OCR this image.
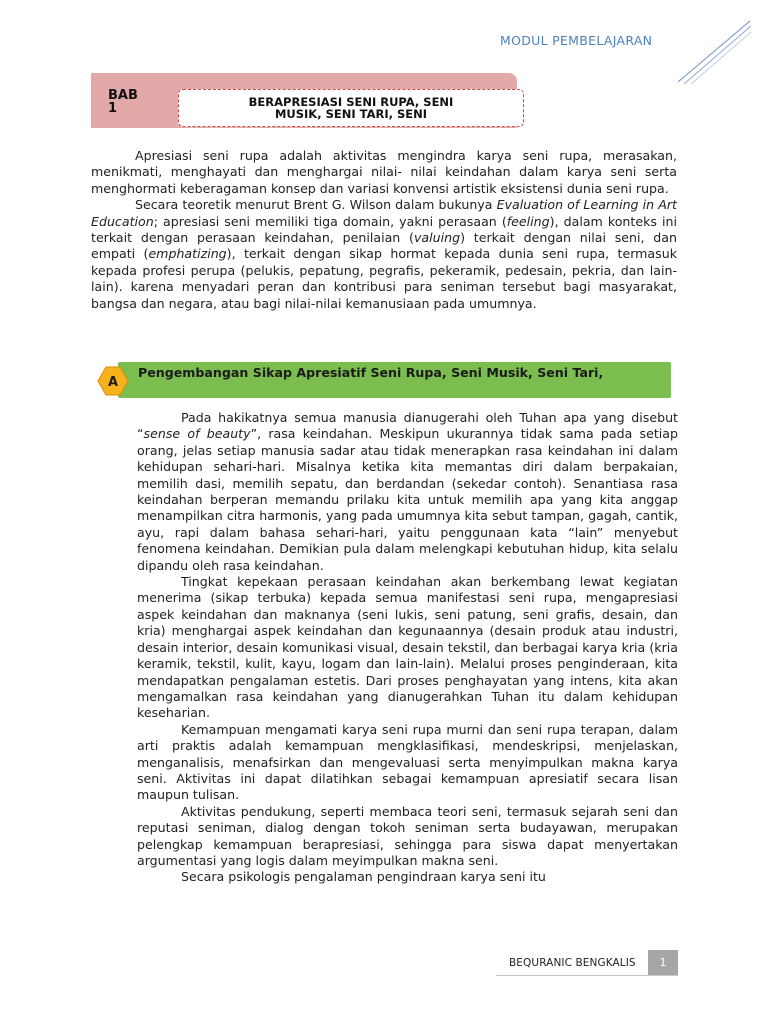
MODUL PEMBELAJARAN
BAB 1	BERAPRESIASI SENI RUPA, SENI
MUSIK, SENI TARI, SENI

Apresiasi seni rupa adalah aktivitas mengindra karya seni rupa, merasakan, menikmati, menghayati dan menghargai nilai- nilai keindahan dalam karya seni serta menghormati keberagaman konsep dan variasi konvensi artistik eksistensi dunia seni rupa.

Secara teoretik menurut Brent G. Wilson dalam bukunya Evaluation of Learning in Art Education; apresiasi seni memiliki tiga domain, yakni perasaan (feeling), dalam konteks ini terkait dengan perasaan keindahan, penilaian (valuing) terkait dengan nilai seni, dan empati (emphatizing), terkait dengan sikap hormat kepada dunia seni rupa, termasuk kepada profesi perupa (pelukis, pepatung, pegrafis, pekeramik, pedesain, pekria, dan lain-lain). karena menyadari peran dan kontribusi para seniman tersebut bagi masyarakat, bangsa dan negara, atau bagi nilai-nilai kemanusiaan pada umumnya.

Pengembangan Sikap Apresiatif Seni Rupa, Seni Musik, Seni Tari,
A

Pada hakikatnya semua manusia dianugerahi oleh Tuhan apa yang disebut “sense of beauty”, rasa keindahan. Meskipun ukurannya tidak sama pada setiap orang, jelas setiap manusia sadar atau tidak menerapkan rasa keindahan ini dalam kehidupan sehari-hari. Misalnya ketika kita memantas diri dalam berpakaian, memilih dasi, memilih sepatu, dan berdandan (sekedar contoh). Senantiasa rasa keindahan berperan memandu prilaku kita untuk memilih apa yang kita anggap menampilkan citra harmonis, yang pada umumnya kita sebut tampan, gagah, cantik, ayu, rapi dalam bahasa sehari-hari, yaitu penggunaan kata “lain” menyebut fenomena keindahan. Demikian pula dalam melengkapi kebutuhan hidup, kita selalu dipandu oleh rasa keindahan.

Tingkat kepekaan perasaan keindahan akan berkembang lewat kegiatan menerima (sikap terbuka) kepada semua manifestasi seni rupa, mengapresiasi aspek keindahan dan maknanya (seni lukis, seni patung, seni grafis, desain, dan kria) menghargai aspek keindahan dan kegunaannya (desain produk atau industri, desain interior, desain komunikasi visual, desain tekstil, dan berbagai karya kria (kria keramik, tekstil, kulit, kayu, logam dan lain-lain). Melalui proses penginderaan, kita mendapatkan pengalaman estetis. Dari proses penghayatan yang intens, kita akan mengamalkan rasa keindahan yang dianugerahkan Tuhan itu dalam kehidupan keseharian.

Kemampuan mengamati karya seni rupa murni dan seni rupa terapan, dalam arti praktis adalah kemampuan mengklasifikasi, mendeskripsi, menjelaskan, menganalisis, menafsirkan dan mengevaluasi serta menyimpulkan makna karya seni. Aktivitas ini dapat dilatihkan sebagai kemampuan apresiatif secara lisan maupun tulisan.

Aktivitas pendukung, seperti membaca teori seni, termasuk sejarah seni dan reputasi seniman, dialog dengan tokoh seniman serta budayawan, merupakan pelengkap kemampuan berapresiasi, sehingga para siswa dapat menyertakan argumentasi yang logis dalam meyimpulkan makna seni.

Secara psikologis pengalaman pengindraan karya seni itu

BEQURANIC BENGKALIS	1
